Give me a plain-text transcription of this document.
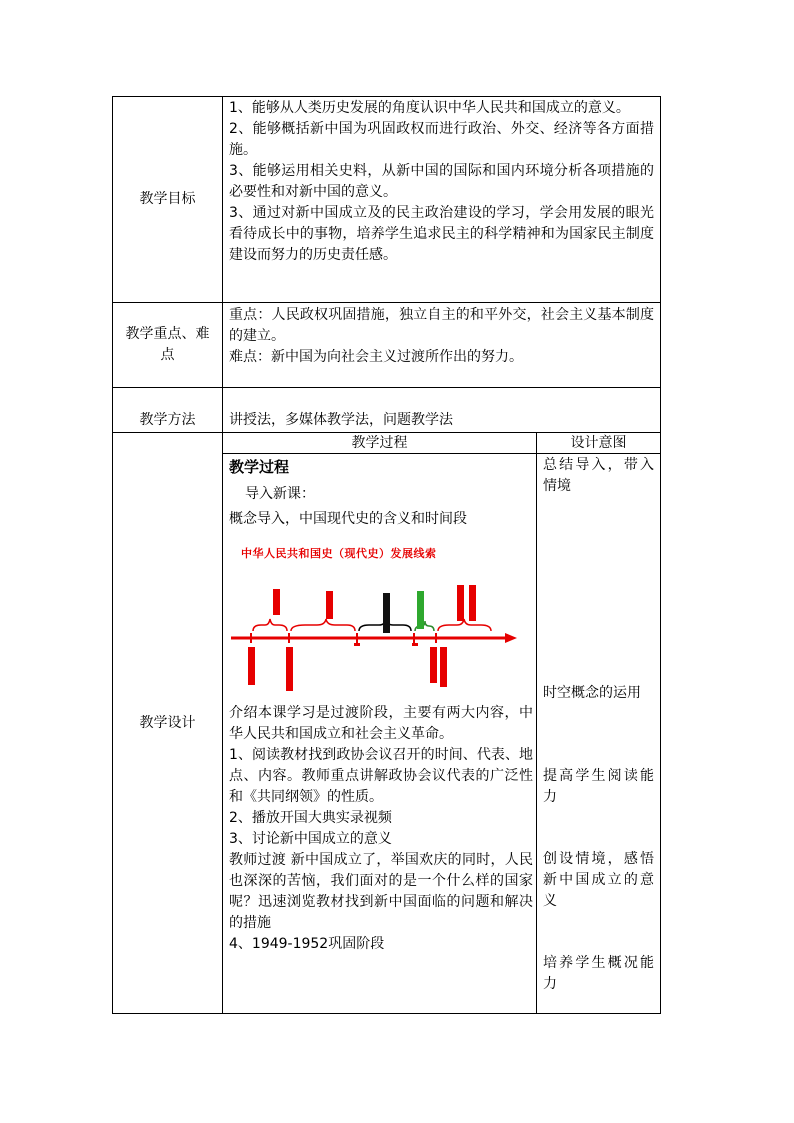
教学目标

1、能够从人类历史发展的角度认识中华人民共和国成立的意义。

2、能够概括新中国为巩固政权而进行政治、外交、经济等各方面措施。

3、能够运用相关史料，从新中国的国际和国内环境分析各项措施的必要性和对新中国的意义。

3、通过对新中国成立及的民主政治建设的学习，学会用发展的眼光看待成长中的事物，培养学生追求民主的科学精神和为国家民主制度建设而努力的历史责任感。

教学重点、难
点

重点：人民政权巩固措施，独立自主的和平外交，社会主义基本制度的建立。

难点：新中国为向社会主义过渡所作出的努力。

教学方法	讲授法，多媒体教学法，问题教学法
教学设计
教学过程	设计意图
教学过程
导入新课：
概念导入，中国现代史的含义和时间段
中华人民共和国史（现代史）发展线索

介绍本课学习是过渡阶段，主要有两大内容，中华人民共和国成立和社会主义革命。

1、阅读教材找到政协会议召开的时间、代表、地点、内容。教师重点讲解政协会议代表的广泛性和《共同纲领》的性质。

2、播放开国大典实录视频

3、讨论新中国成立的意义

教师过渡 新中国成立了，举国欢庆的同时，人民也深深的苦恼，我们面对的是一个什么样的国家呢？迅速浏览教材找到新中国面临的问题和解决的措施

4、1949-1952巩固阶段

总结导入，带入情境
时空概念的运用
提高学生阅读能力
创设情境，感悟新中国成立的意义
培养学生概况能力
